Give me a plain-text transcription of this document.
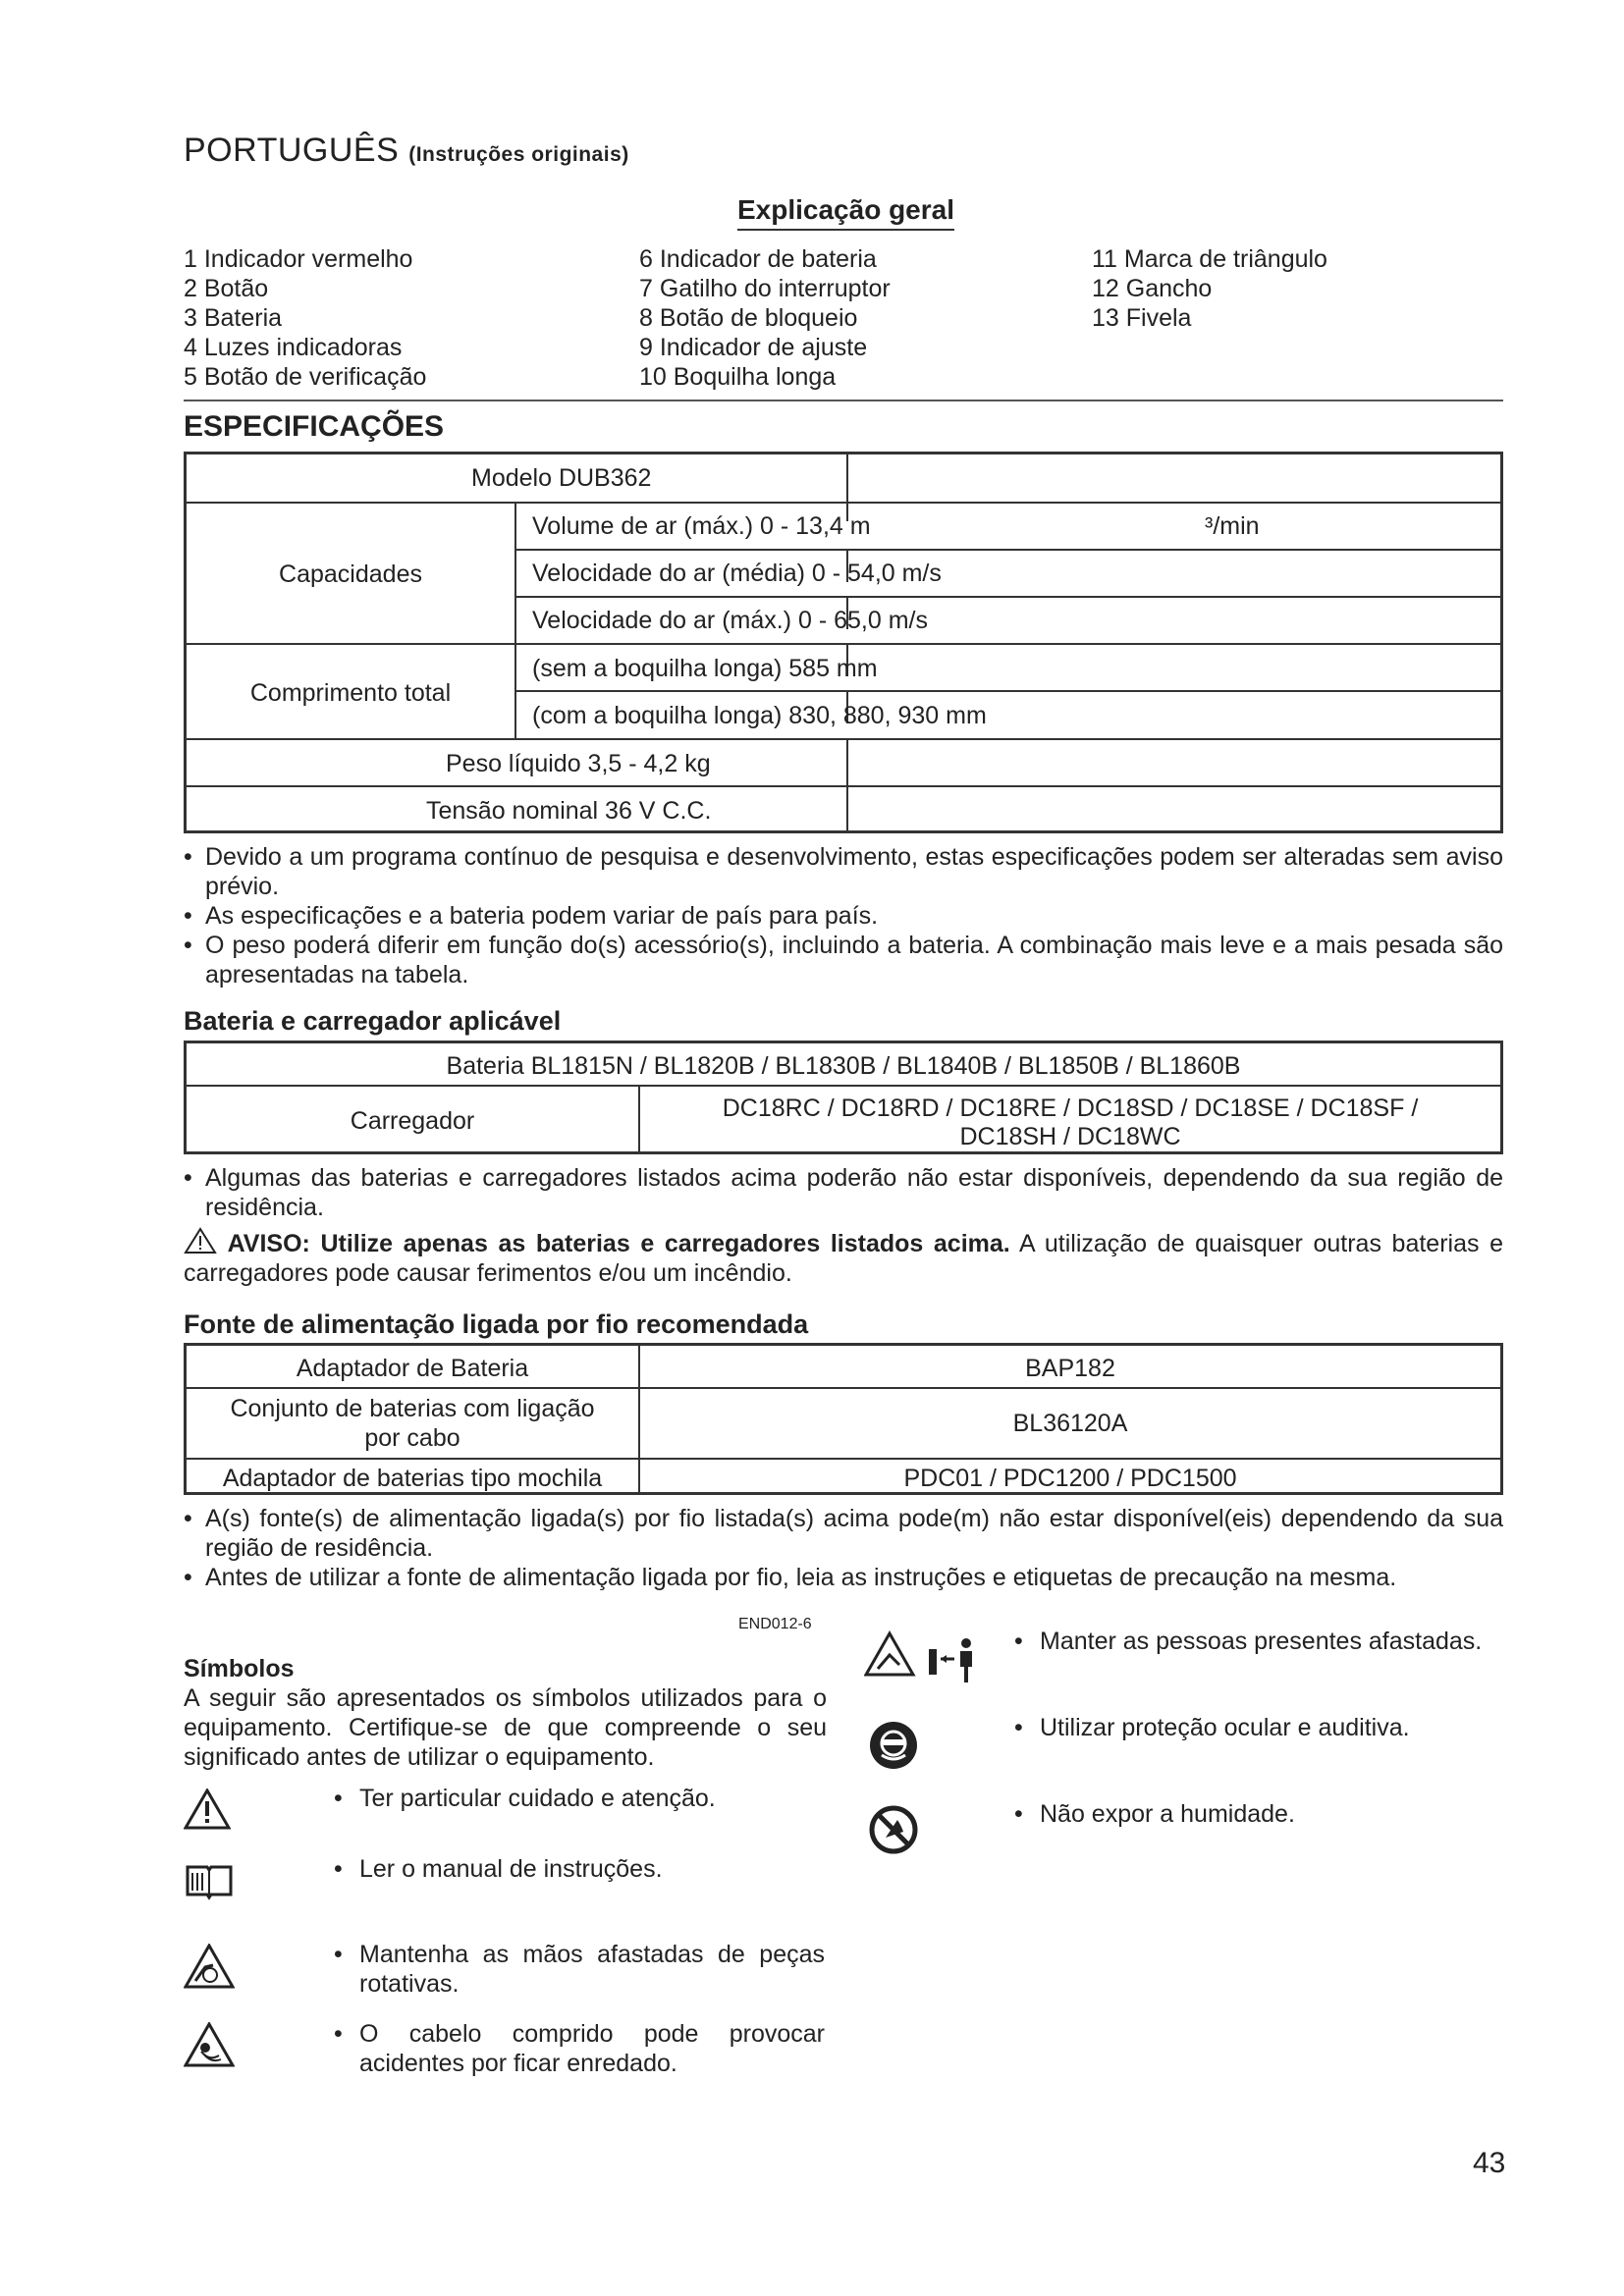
PORTUGUÊS (Instruções originais)
Explicação geral
1 Indicador vermelho
2 Botão
3 Bateria
4 Luzes indicadoras
5 Botão de verificação
6 Indicador de bateria
7 Gatilho do interruptor
8 Botão de bloqueio
9 Indicador de ajuste
10 Boquilha longa
11 Marca de triângulo
12 Gancho
13 Fivela
ESPECIFICAÇÕES
Modelo DUB362
Capacidades
Volume de ar (máx.) 0 - 13,4 m	³/min
Velocidade do ar (média) 0 - 54,0 m/s
Velocidade do ar (máx.) 0 - 65,0 m/s
Comprimento total
(sem a boquilha longa) 585 mm
(com a boquilha longa) 830, 880, 930 mm
Peso líquido 3,5 - 4,2 kg
Tensão nominal 36 V C.C.
• Devido a um programa contínuo de pesquisa e desenvolvimento, estas especificações podem ser alteradas sem aviso prévio.
• As especificações e a bateria podem variar de país para país.
• O peso poderá diferir em função do(s) acessório(s), incluindo a bateria. A combinação mais leve e a mais pesada são apresentadas na tabela.
Bateria e carregador aplicável
Bateria BL1815N / BL1820B / BL1830B / BL1840B / BL1850B / BL1860B
Carregador	DC18RC / DC18RD / DC18RE / DC18SD / DC18SE / DC18SF /
DC18SH / DC18WC
• Algumas das baterias e carregadores listados acima poderão não estar disponíveis, dependendo da sua região de residência.
AVISO: Utilize apenas as baterias e carregadores listados acima. A utilização de quaisquer outras baterias e carregadores pode causar ferimentos e/ou um incêndio.
Fonte de alimentação ligada por fio recomendada
Adaptador de Bateria	BAP182
Conjunto de baterias com ligação
por cabo
BL36120A
Adaptador de baterias tipo mochila	PDC01 / PDC1200 / PDC1500
• A(s) fonte(s) de alimentação ligada(s) por fio listada(s) acima pode(m) não estar disponível(eis) dependendo da sua região de residência.
• Antes de utilizar a fonte de alimentação ligada por fio, leia as instruções e etiquetas de precaução na mesma.
END012-6
Símbolos
A seguir são apresentados os símbolos utilizados para o equipamento. Certifique-se de que compreende o seu significado antes de utilizar o equipamento.
• Ter particular cuidado e atenção.
• Ler o manual de instruções.
• Mantenha as mãos afastadas de peças rotativas.
• O cabelo comprido pode provocar acidentes por ficar enredado.
• Manter as pessoas presentes afastadas.
• Utilizar proteção ocular e auditiva.
• Não expor a humidade.
43
